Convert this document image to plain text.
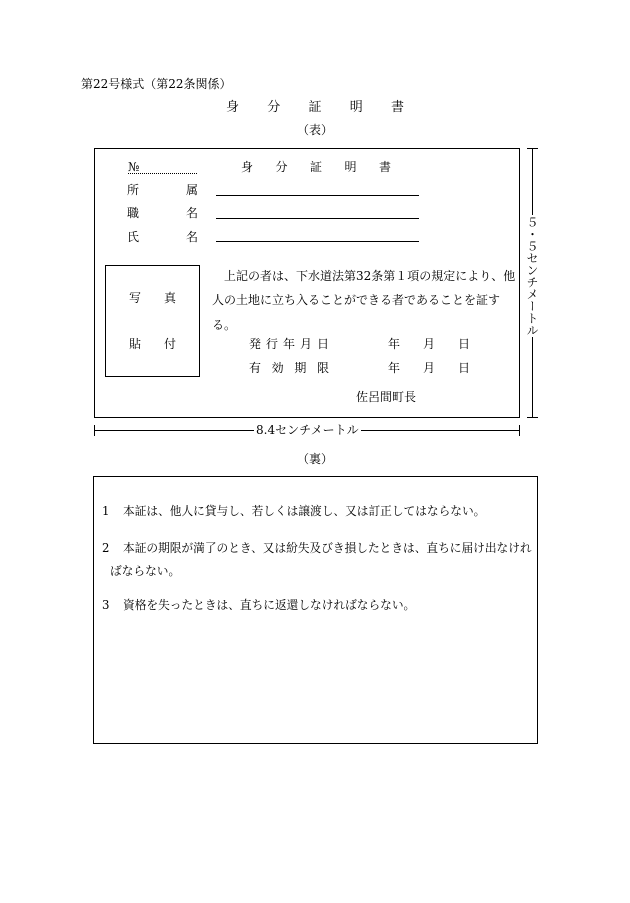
第22号様式（第22条関係）
身分証明書
（表）
№	身分証明書
所属
職名
氏名
写真
貼付
上記の者は、下水道法第32条第１項の規定により、他
人の土地に立ち入ることができる者であることを証す
る。
発行年月日	年月日
有効期限	年月日
佐呂間町長
５・５センチメートル
8.4センチメートル
（裏）
1 本証は、他人に貸与し、若しくは譲渡し、又は訂正してはならない。
2 本証の期限が満了のとき、又は紛失及びき損したときは、直ちに届け出なけれ
ばならない。
3 資格を失ったときは、直ちに返還しなければならない。
